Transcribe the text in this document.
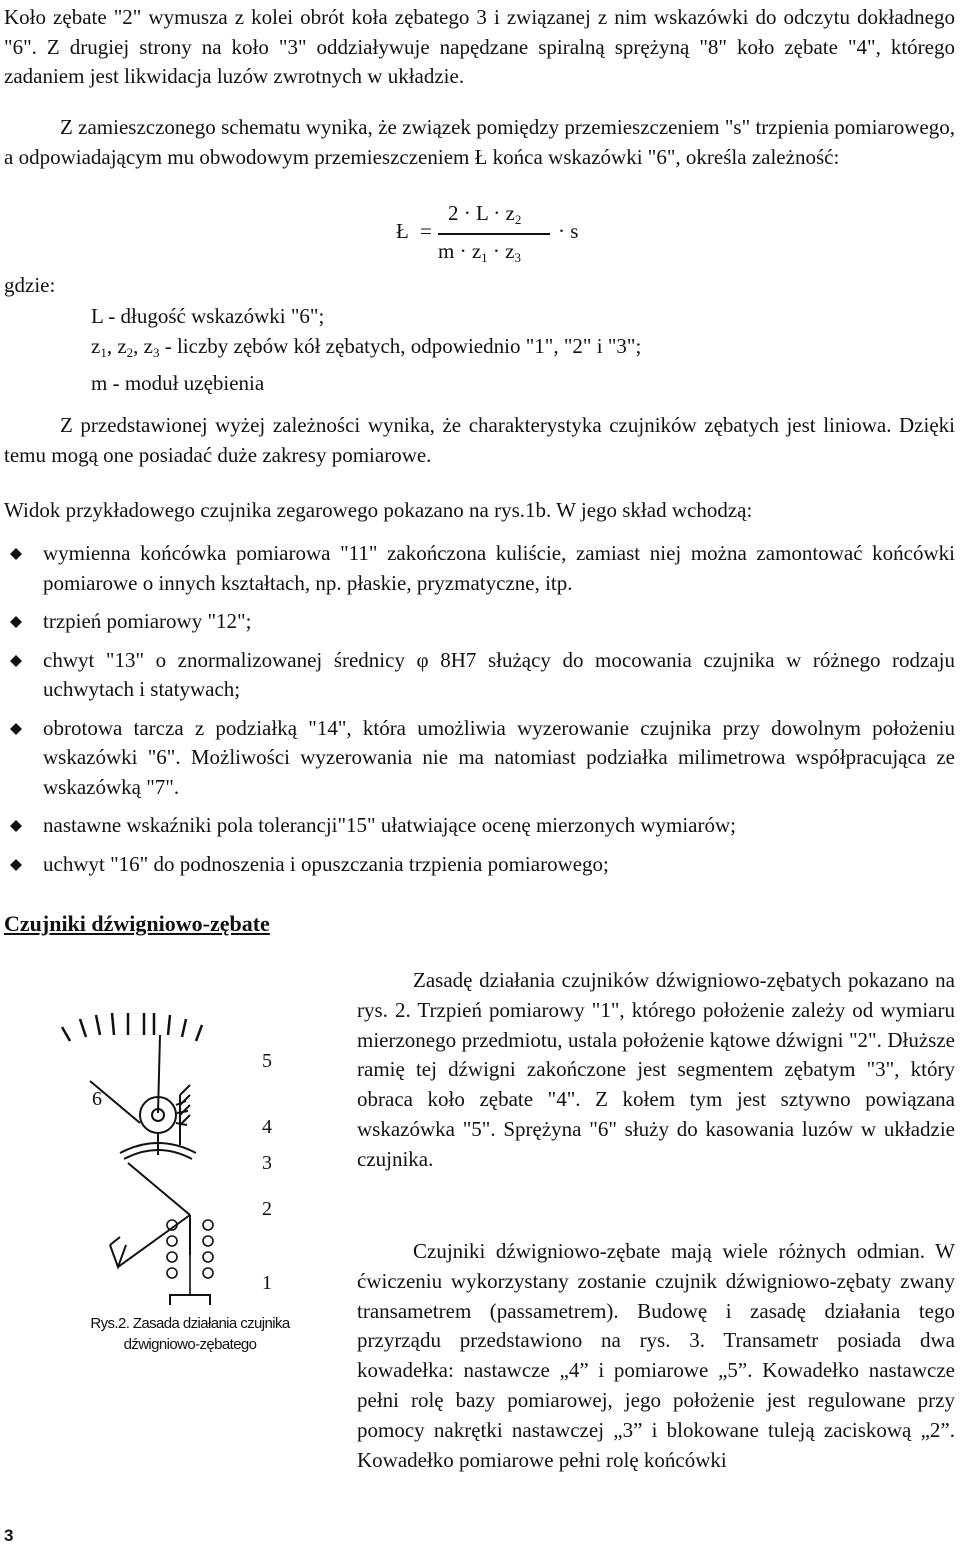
Koło zębate "2" wymusza z kolei obrót koła zębatego 3 i związanej z nim wskazówki do odczytu dokładnego "6". Z drugiej strony na koło "3" oddziaływuje napędzane spiralną sprężyną "8" koło zębate "4", którego zadaniem jest likwidacja luzów zwrotnych w układzie.

Z zamieszczonego schematu wynika, że związek pomiędzy przemieszczeniem "s" trzpienia pomiarowego, a odpowiadającym mu obwodowym przemieszczeniem Ł końca wskazówki "6", określa zależność:

Ł =
$2 \cdot L \cdot z_2$
$m \cdot z_1 \cdot z_3$
· s

gdzie:

L - długość wskazówki "6";

$z_1$, $z_2$, $z_3$ - liczby zębów kół zębatych, odpowiednio "1", "2" i "3";

m - moduł uzębienia

Z przedstawionej wyżej zależności wynika, że charakterystyka czujników zębatych jest liniowa. Dzięki temu mogą one posiadać duże zakresy pomiarowe.

Widok przykładowego czujnika zegarowego pokazano na rys.1b. W jego skład wchodzą:

wymienna końcówka pomiarowa "11" zakończona kuliście, zamiast niej można zamontować końcówki pomiarowe o innych kształtach, np. płaskie, pryzmatyczne, itp.
trzpień pomiarowy "12";
chwyt "13" o znormalizowanej średnicy φ 8H7 służący do mocowania czujnika w różnego rodzaju uchwytach i statywach;
obrotowa tarcza z podziałką "14", która umożliwia wyzerowanie czujnika przy dowolnym położeniu wskazówki "6". Możliwości wyzerowania nie ma natomiast podziałka milimetrowa współpracująca ze wskazówką "7".
nastawne wskaźniki pola tolerancji"15" ułatwiające ocenę mierzonych wymiarów;
uchwyt "16" do podnoszenia i opuszczania trzpienia pomiarowego;

Czujniki dźwigniowo-zębate

Zasadę działania czujników dźwigniowo-zębatych pokazano na rys. 2. Trzpień pomiarowy "1", którego położenie zależy od wymiaru mierzonego przedmiotu, ustala położenie kątowe dźwigni "2". Dłuższe ramię tej dźwigni zakończone jest segmentem zębatym "3", który obraca koło zębate "4". Z kołem tym jest sztywno powiązana wskazówka "5". Sprężyna "6" służy do kasowania luzów w układzie czujnika.

Czujniki dźwigniowo-zębate mają wiele różnych odmian. W ćwiczeniu wykorzystany zostanie czujnik dźwigniowo-zębaty zwany transametrem (passametrem). Budowę i zasadę działania tego przyrządu przedstawiono na rys. 3. Transametr posiada dwa kowadełka: nastawcze „4” i pomiarowe „5”. Kowadełko nastawcze pełni rolę bazy pomiarowej, jego położenie jest regulowane przy pomocy nakrętki nastawczej „3” i blokowane tuleją zaciskową „2”. Kowadełko pomiarowe pełni rolę końcówki

6
5
4
3
2
1

Rys.2. Zasada działania czujnika

dźwigniowo-zębatego

3
